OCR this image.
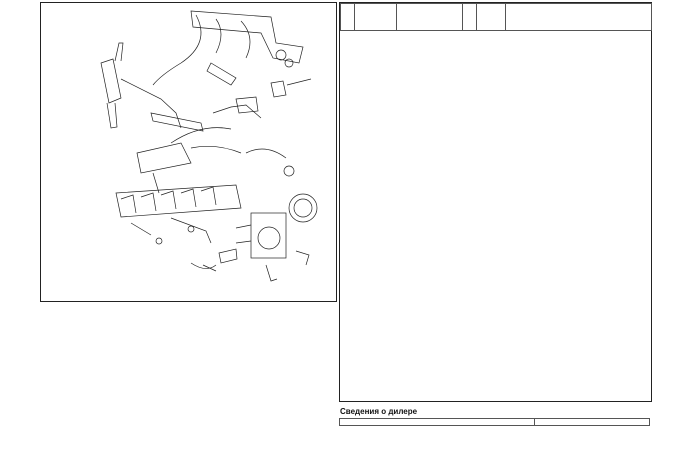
Сведения о дилере
